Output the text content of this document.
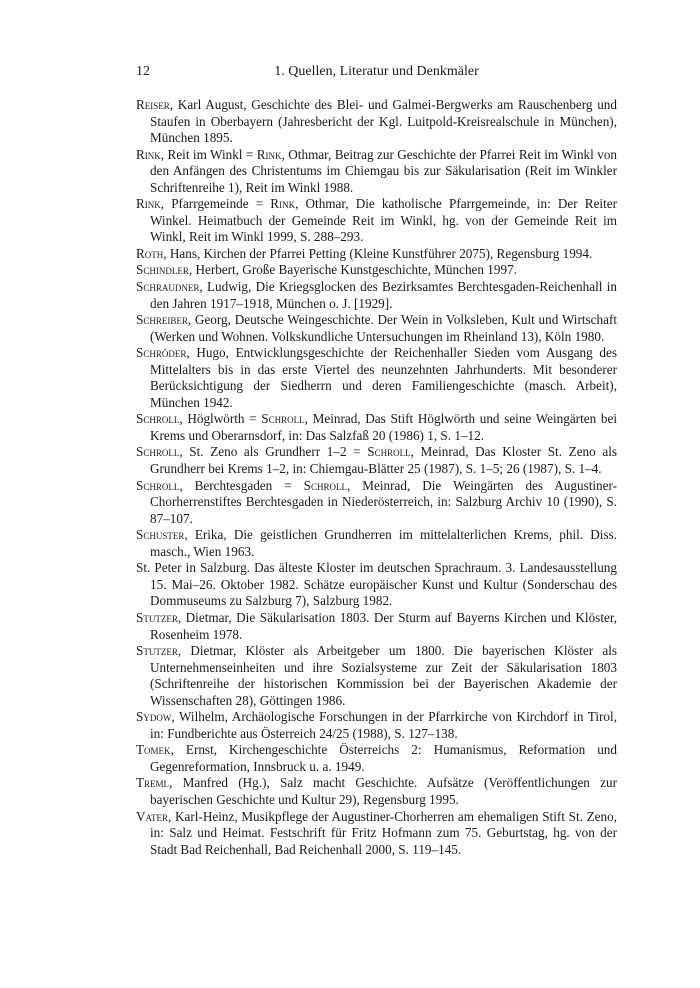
12	1. Quellen, Literatur und Denkmäler

Reiser, Karl August, Geschichte des Blei- und Galmei-Bergwerks am Rauschenberg und Staufen in Oberbayern (Jahresbericht der Kgl. Luitpold-Kreisrealschule in München), München 1895.

Rink, Reit im Winkl = Rink, Othmar, Beitrag zur Geschichte der Pfarrei Reit im Winkl von den Anfängen des Christentums im Chiemgau bis zur Säkularisation (Reit im Winkler Schriftenreihe 1), Reit im Winkl 1988.

Rink, Pfarrgemeinde = Rink, Othmar, Die katholische Pfarrgemeinde, in: Der Reiter Winkel. Heimatbuch der Gemeinde Reit im Winkl, hg. von der Gemeinde Reit im Winkl, Reit im Winkl 1999, S. 288–293.

Roth, Hans, Kirchen der Pfarrei Petting (Kleine Kunstführer 2075), Regensburg 1994.

Schindler, Herbert, Große Bayerische Kunstgeschichte, München 1997.

Schraudner, Ludwig, Die Kriegsglocken des Bezirksamtes Berchtesgaden-Reichenhall in den Jahren 1917–1918, München o. J. [1929].

Schreiber, Georg, Deutsche Weingeschichte. Der Wein in Volksleben, Kult und Wirtschaft (Werken und Wohnen. Volkskundliche Untersuchungen im Rheinland 13), Köln 1980.

Schröder, Hugo, Entwicklungsgeschichte der Reichenhaller Sieden vom Ausgang des Mittelalters bis in das erste Viertel des neunzehnten Jahrhunderts. Mit besonderer Berücksichtigung der Siedherrn und deren Familiengeschichte (masch. Arbeit), München 1942.

Schroll, Höglwörth = Schroll, Meinrad, Das Stift Höglwörth und seine Weingärten bei Krems und Oberarnsdorf, in: Das Salzfaß 20 (1986) 1, S. 1–12.

Schroll, St. Zeno als Grundherr 1–2 = Schroll, Meinrad, Das Kloster St. Zeno als Grundherr bei Krems 1–2, in: Chiemgau-Blätter 25 (1987), S. 1–5; 26 (1987), S. 1–4.

Schroll, Berchtesgaden = Schroll, Meinrad, Die Weingärten des Augustiner-Chorherrenstiftes Berchtesgaden in Niederösterreich, in: Salzburg Archiv 10 (1990), S. 87–107.

Schuster, Erika, Die geistlichen Grundherren im mittelalterlichen Krems, phil. Diss. masch., Wien 1963.

St. Peter in Salzburg. Das älteste Kloster im deutschen Sprachraum. 3. Landesausstellung 15. Mai–26. Oktober 1982. Schätze europäischer Kunst und Kultur (Sonderschau des Dommuseums zu Salzburg 7), Salzburg 1982.

Stutzer, Dietmar, Die Säkularisation 1803. Der Sturm auf Bayerns Kirchen und Klöster, Rosenheim 1978.

Stutzer, Dietmar, Klöster als Arbeitgeber um 1800. Die bayerischen Klöster als Unternehmenseinheiten und ihre Sozialsysteme zur Zeit der Säkularisation 1803 (Schriftenreihe der historischen Kommission bei der Bayerischen Akademie der Wissenschaften 28), Göttingen 1986.

Sydow, Wilhelm, Archäologische Forschungen in der Pfarrkirche von Kirchdorf in Tirol, in: Fundberichte aus Österreich 24/25 (1988), S. 127–138.

Tomek, Ernst, Kirchengeschichte Österreichs 2: Humanismus, Reformation und Gegenreformation, Innsbruck u. a. 1949.

Treml, Manfred (Hg.), Salz macht Geschichte. Aufsätze (Veröffentlichungen zur bayerischen Geschichte und Kultur 29), Regensburg 1995.

Vater, Karl-Heinz, Musikpflege der Augustiner-Chorherren am ehemaligen Stift St. Zeno, in: Salz und Heimat. Festschrift für Fritz Hofmann zum 75. Geburtstag, hg. von der Stadt Bad Reichenhall, Bad Reichenhall 2000, S. 119–145.
